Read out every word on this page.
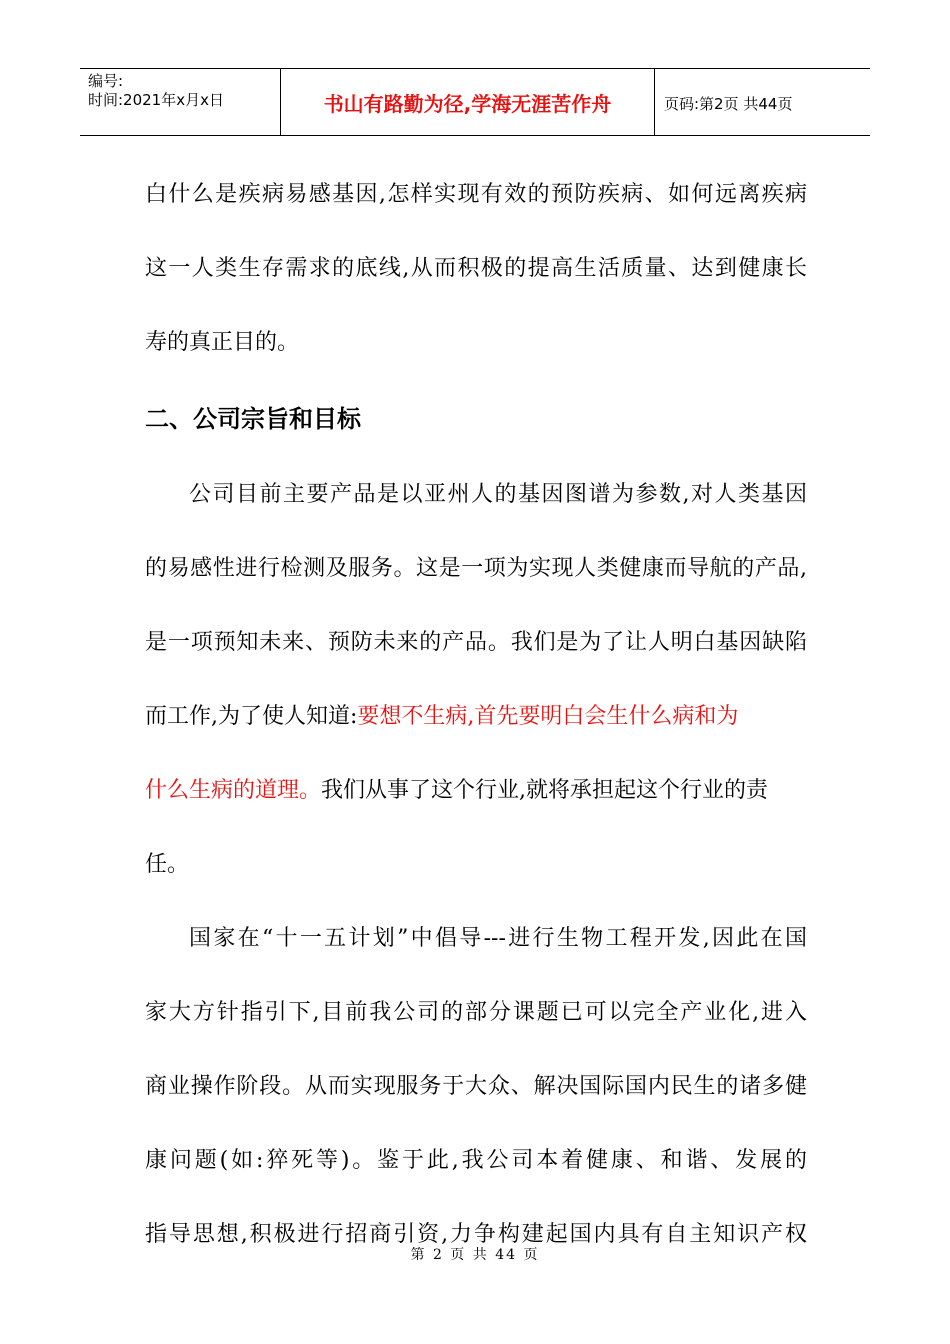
编号:
时间:2021年x月x日	书山有路勤为径,学海无涯苦作舟	页码:第2页 共44页
白什么是疾病易感基因,怎样实现有效的预防疾病、如何远离疾病
这一人类生存需求的底线,从而积极的提高生活质量、达到健康长
寿的真正目的。
二、公司宗旨和目标
公司目前主要产品是以亚州人的基因图谱为参数,对人类基因
的易感性进行检测及服务。这是一项为实现人类健康而导航的产品,
是一项预知未来、预防未来的产品。我们是为了让人明白基因缺陷
而工作,为了使人知道:要想不生病,首先要明白会生什么病和为
什么生病的道理。我们从事了这个行业,就将承担起这个行业的责
任。
国家在“十一五计划”中倡导---进行生物工程开发,因此在国
家大方针指引下,目前我公司的部分课题已可以完全产业化,进入
商业操作阶段。从而实现服务于大众、解决国际国内民生的诸多健
康问题(如:猝死等)。鉴于此,我公司本着健康、和谐、发展的
指导思想,积极进行招商引资,力争构建起国内具有自主知识产权
第 2 页 共 44 页
